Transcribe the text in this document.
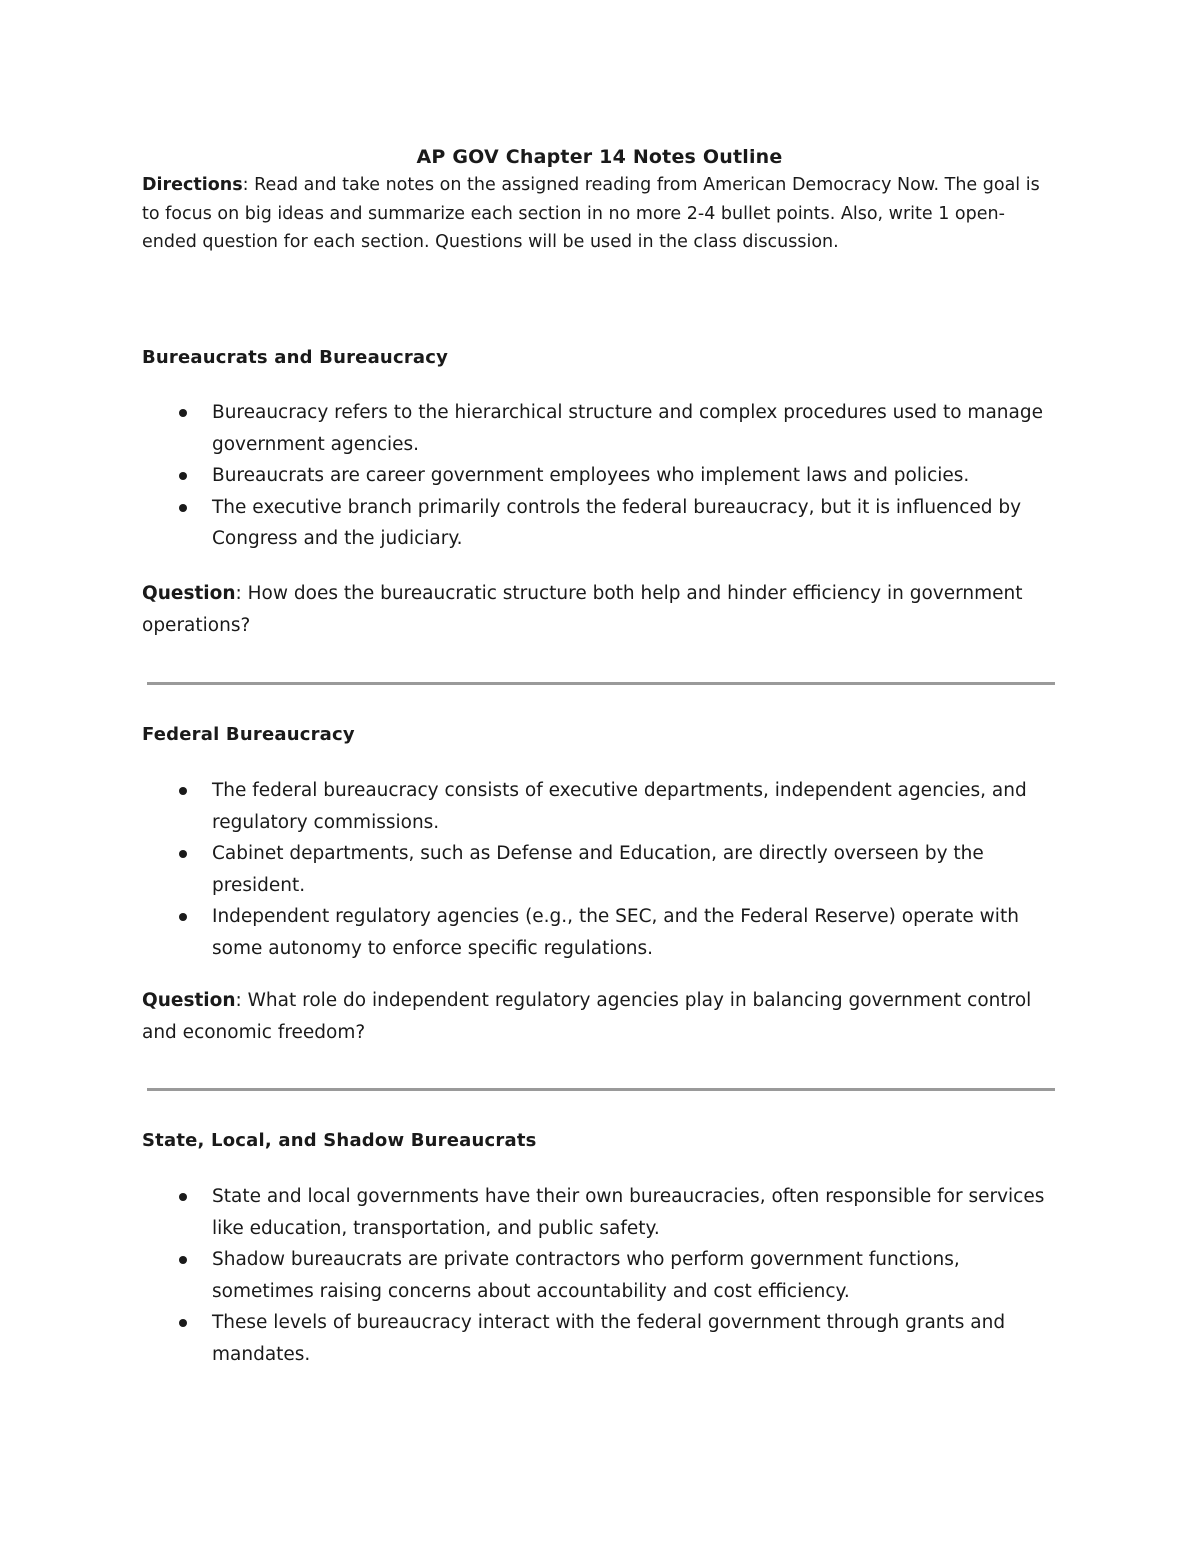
AP GOV Chapter 14 Notes Outline

Directions: Read and take notes on the assigned reading from American Democracy Now. The goal is to focus on big ideas and summarize each section in no more 2-4 bullet points. Also, write 1 open-ended question for each section. Questions will be used in the class discussion.

Bureaucrats and Bureaucracy
Bureaucracy refers to the hierarchical structure and complex procedures used to manage government agencies.
Bureaucrats are career government employees who implement laws and policies.
The executive branch primarily controls the federal bureaucracy, but it is influenced by Congress and the judiciary.

Question: How does the bureaucratic structure both help and hinder efficiency in government operations?

Federal Bureaucracy
The federal bureaucracy consists of executive departments, independent agencies, and regulatory commissions.
Cabinet departments, such as Defense and Education, are directly overseen by the president.
Independent regulatory agencies (e.g., the SEC, and the Federal Reserve) operate with some autonomy to enforce specific regulations.

Question: What role do independent regulatory agencies play in balancing government control and economic freedom?

State, Local, and Shadow Bureaucrats
State and local governments have their own bureaucracies, often responsible for services like education, transportation, and public safety.
Shadow bureaucrats are private contractors who perform government functions, sometimes raising concerns about accountability and cost efficiency.
These levels of bureaucracy interact with the federal government through grants and mandates.
